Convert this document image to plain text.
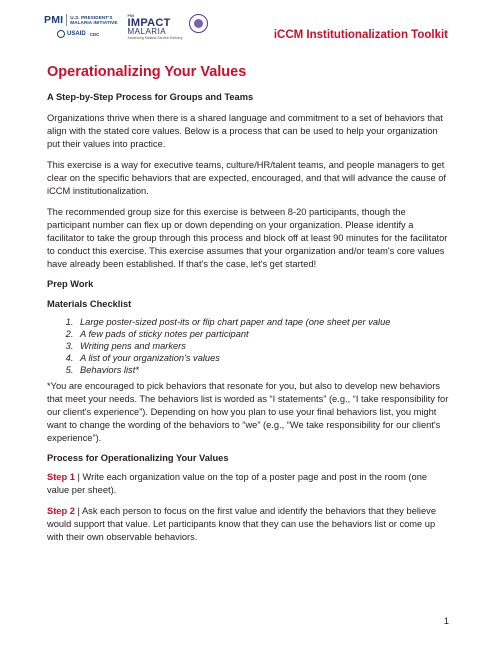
PMI	U.S. PRESIDENT'S
MALARIA INITIATIVE
USAID CDC
PMI
IMPACT
MALARIA
Advancing Malaria Service Delivery	iCCM Institutionalization Toolkit
Operationalizing Your Values
A Step-by-Step Process for Groups and Teams

Organizations thrive when there is a shared language and commitment to a set of behaviors that align with the stated core values. Below is a process that can be used to help your organization put their values into practice.

This exercise is a way for executive teams, culture/HR/talent teams, and people managers to get clear on the specific behaviors that are expected, encouraged, and that will advance the cause of iCCM institutionalization.

The recommended group size for this exercise is between 8-20 participants, though the participant number can flex up or down depending on your organization. Please identify a facilitator to take the group through this process and block off at least 90 minutes for the facilitator to conduct this exercise. This exercise assumes that your organization and/or team's core values have already been established. If that's the case, let's get started!

Prep Work
Materials Checklist
1. Large poster-sized post-its or flip chart paper and tape (one sheet per value
2. A few pads of sticky notes per participant
3. Writing pens and markers
4. A list of your organization's values
5. Behaviors list*

*You are encouraged to pick behaviors that resonate for you, but also to develop new behaviors that meet your needs. The behaviors list is worded as “I statements” (e.g., “I take responsibility for our client's experience”). Depending on how you plan to use your final behaviors list, you might want to change the wording of the behaviors to “we” (e.g., “We take responsibility for our client's experience”).

Process for Operationalizing Your Values

Step 1 | Write each organization value on the top of a poster page and post in the room (one value per sheet).

Step 2 | Ask each person to focus on the first value and identify the behaviors that they believe would support that value. Let participants know that they can use the behaviors list or come up with their own observable behaviors.

1
